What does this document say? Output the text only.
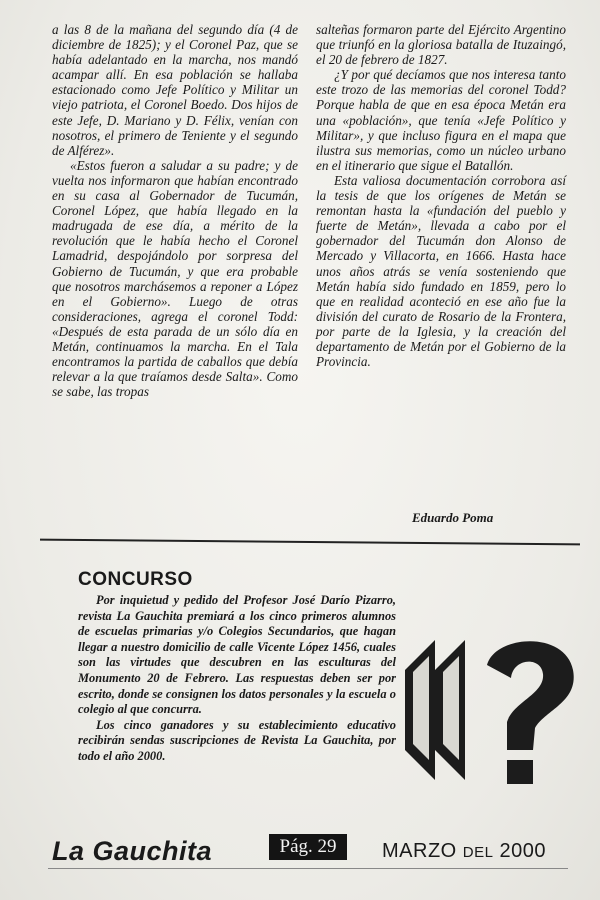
a las 8 de la mañana del segundo día (4 de diciembre de 1825); y el Coronel Paz, que se había adelantado en la marcha, nos mandó acampar allí. En esa población se hallaba estacionado como Jefe Político y Militar un viejo patriota, el Coronel Boedo. Dos hijos de este Jefe, D. Mariano y D. Félix, venían con nosotros, el primero de Teniente y el segundo de Alférez».

«Estos fueron a saludar a su padre; y de vuelta nos informaron que habían encontrado en su casa al Gobernador de Tucumán, Coronel López, que había llegado en la madrugada de ese día, a mérito de la revolución que le había hecho el Coronel Lamadrid, despojándolo por sorpresa del Gobierno de Tucumán, y que era probable que nosotros marchásemos a reponer a López en el Gobierno». Luego de otras consideraciones, agrega el coronel Todd: «Después de esta parada de un sólo día en Metán, continuamos la marcha. En el Tala encontramos la partida de caballos que debía relevar a la que traíamos desde Salta». Como se sabe, las tropas

salteñas formaron parte del Ejército Argentino que triunfó en la gloriosa batalla de Ituzaingó, el 20 de febrero de 1827.

¿Y por qué decíamos que nos interesa tanto este trozo de las memorias del coronel Todd? Porque habla de que en esa época Metán era una «población», que tenía «Jefe Político y Militar», y que incluso figura en el mapa que ilustra sus memorias, como un núcleo urbano en el itinerario que sigue el Batallón.

Esta valiosa documentación corrobora así la tesis de que los orígenes de Metán se remontan hasta la «fundación del pueblo y fuerte de Metán», llevada a cabo por el gobernador del Tucumán don Alonso de Mercado y Villacorta, en 1666. Hasta hace unos años atrás se venía sosteniendo que Metán había sido fundado en 1859, pero lo que en realidad aconteció en ese año fue la división del curato de Rosario de la Frontera, por parte de la Iglesia, y la creación del departamento de Metán por el Gobierno de la Provincia.

Eduardo Poma
CONCURSO

Por inquietud y pedido del Profesor José Darío Pizarro, revista La Gauchita premiará a los cinco primeros alumnos de escuelas primarias y/o Colegios Secundarios, que hagan llegar a nuestro domicilio de calle Vicente López 1456, cuales son las virtudes que descubren en las esculturas del Monumento 20 de Febrero. Las respuestas deben ser por escrito, donde se consignen los datos personales y la escuela o colegio al que concurra.

Los cinco ganadores y su establecimiento educativo recibirán sendas suscripciones de Revista La Gauchita, por todo el año 2000.

La Gauchita	Pág. 29	MARZO DEL 2000
